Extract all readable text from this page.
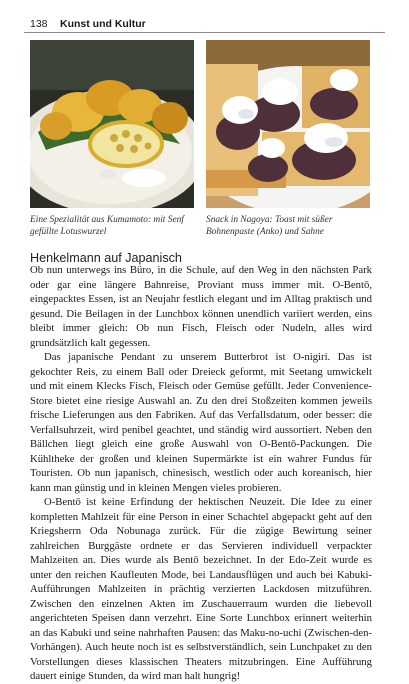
138 Kunst und Kultur
Eine Spezialität aus Kumamoto: mit Senf gefüllte Lotuswurzel
Snack in Nagoya: Toast mit süßer Bohnenpaste (Anko) und Sahne
Henkelmann auf Japanisch

Ob nun unterwegs ins Büro, in die Schule, auf den Weg in den nächsten Park oder gar eine längere Bahnreise, Proviant muss immer mit. O-Bentō, eingepacktes Essen, ist an Neujahr festlich elegant und im Alltag praktisch und gesund. Die Beilagen in der Lunchbox können unendlich variiert werden, eins bleibt immer gleich: Ob nun Fisch, Fleisch oder Nudeln, alles wird grundsätzlich kalt gegessen.

Das japanische Pendant zu unserem Butterbrot ist O-nigiri. Das ist gekochter Reis, zu einem Ball oder Dreieck geformt, mit Seetang umwickelt und mit einem Klecks Fisch, Fleisch oder Gemüse gefüllt. Jeder Convenience-Store bietet eine riesige Auswahl an. Zu den drei Stoßzeiten kommen jeweils frische Lieferungen aus den Fabriken. Auf das Verfallsdatum, oder besser: die Verfallsuhrzeit, wird penibel geachtet, und ständig wird aussortiert. Neben den Bällchen liegt gleich eine große Auswahl von O-Bentō-Packungen. Die Kühltheke der großen und kleinen Supermärkte ist ein wahrer Fundus für Touristen. Ob nun japanisch, chinesisch, westlich oder auch koreanisch, hier kann man günstig und in kleinen Mengen vieles probieren.

O-Bentō ist keine Erfindung der hektischen Neuzeit. Die Idee zu einer kompletten Mahlzeit für eine Person in einer Schachtel abgepackt geht auf den Kriegsherrn Oda Nobunaga zurück. Für die zügige Bewirtung seiner zahlreichen Burggäste ordnete er das Servieren individuell verpackter Mahlzeiten an. Dies wurde als Bentō bezeichnet. In der Edo-Zeit wurde es unter den reichen Kaufleuten Mode, bei Landausflügen und auch bei Kabuki-Aufführungen Mahlzeiten in prächtig verzierten Lackdosen mitzuführen. Zwischen den einzelnen Akten im Zuschauerraum wurden die liebevoll angerichteten Speisen dann verzehrt. Eine Sorte Lunchbox erinnert weiterhin an das Kabuki und seine nahrhaften Pausen: das Maku-no-uchi (Zwischen-den-Vorhängen). Auch heute noch ist es selbstverständlich, sein Lunchpaket zu den Vorstellungen dieses klassischen Theaters mitzubringen. Eine Aufführung dauert einige Stunden, da wird man halt hungrig!
